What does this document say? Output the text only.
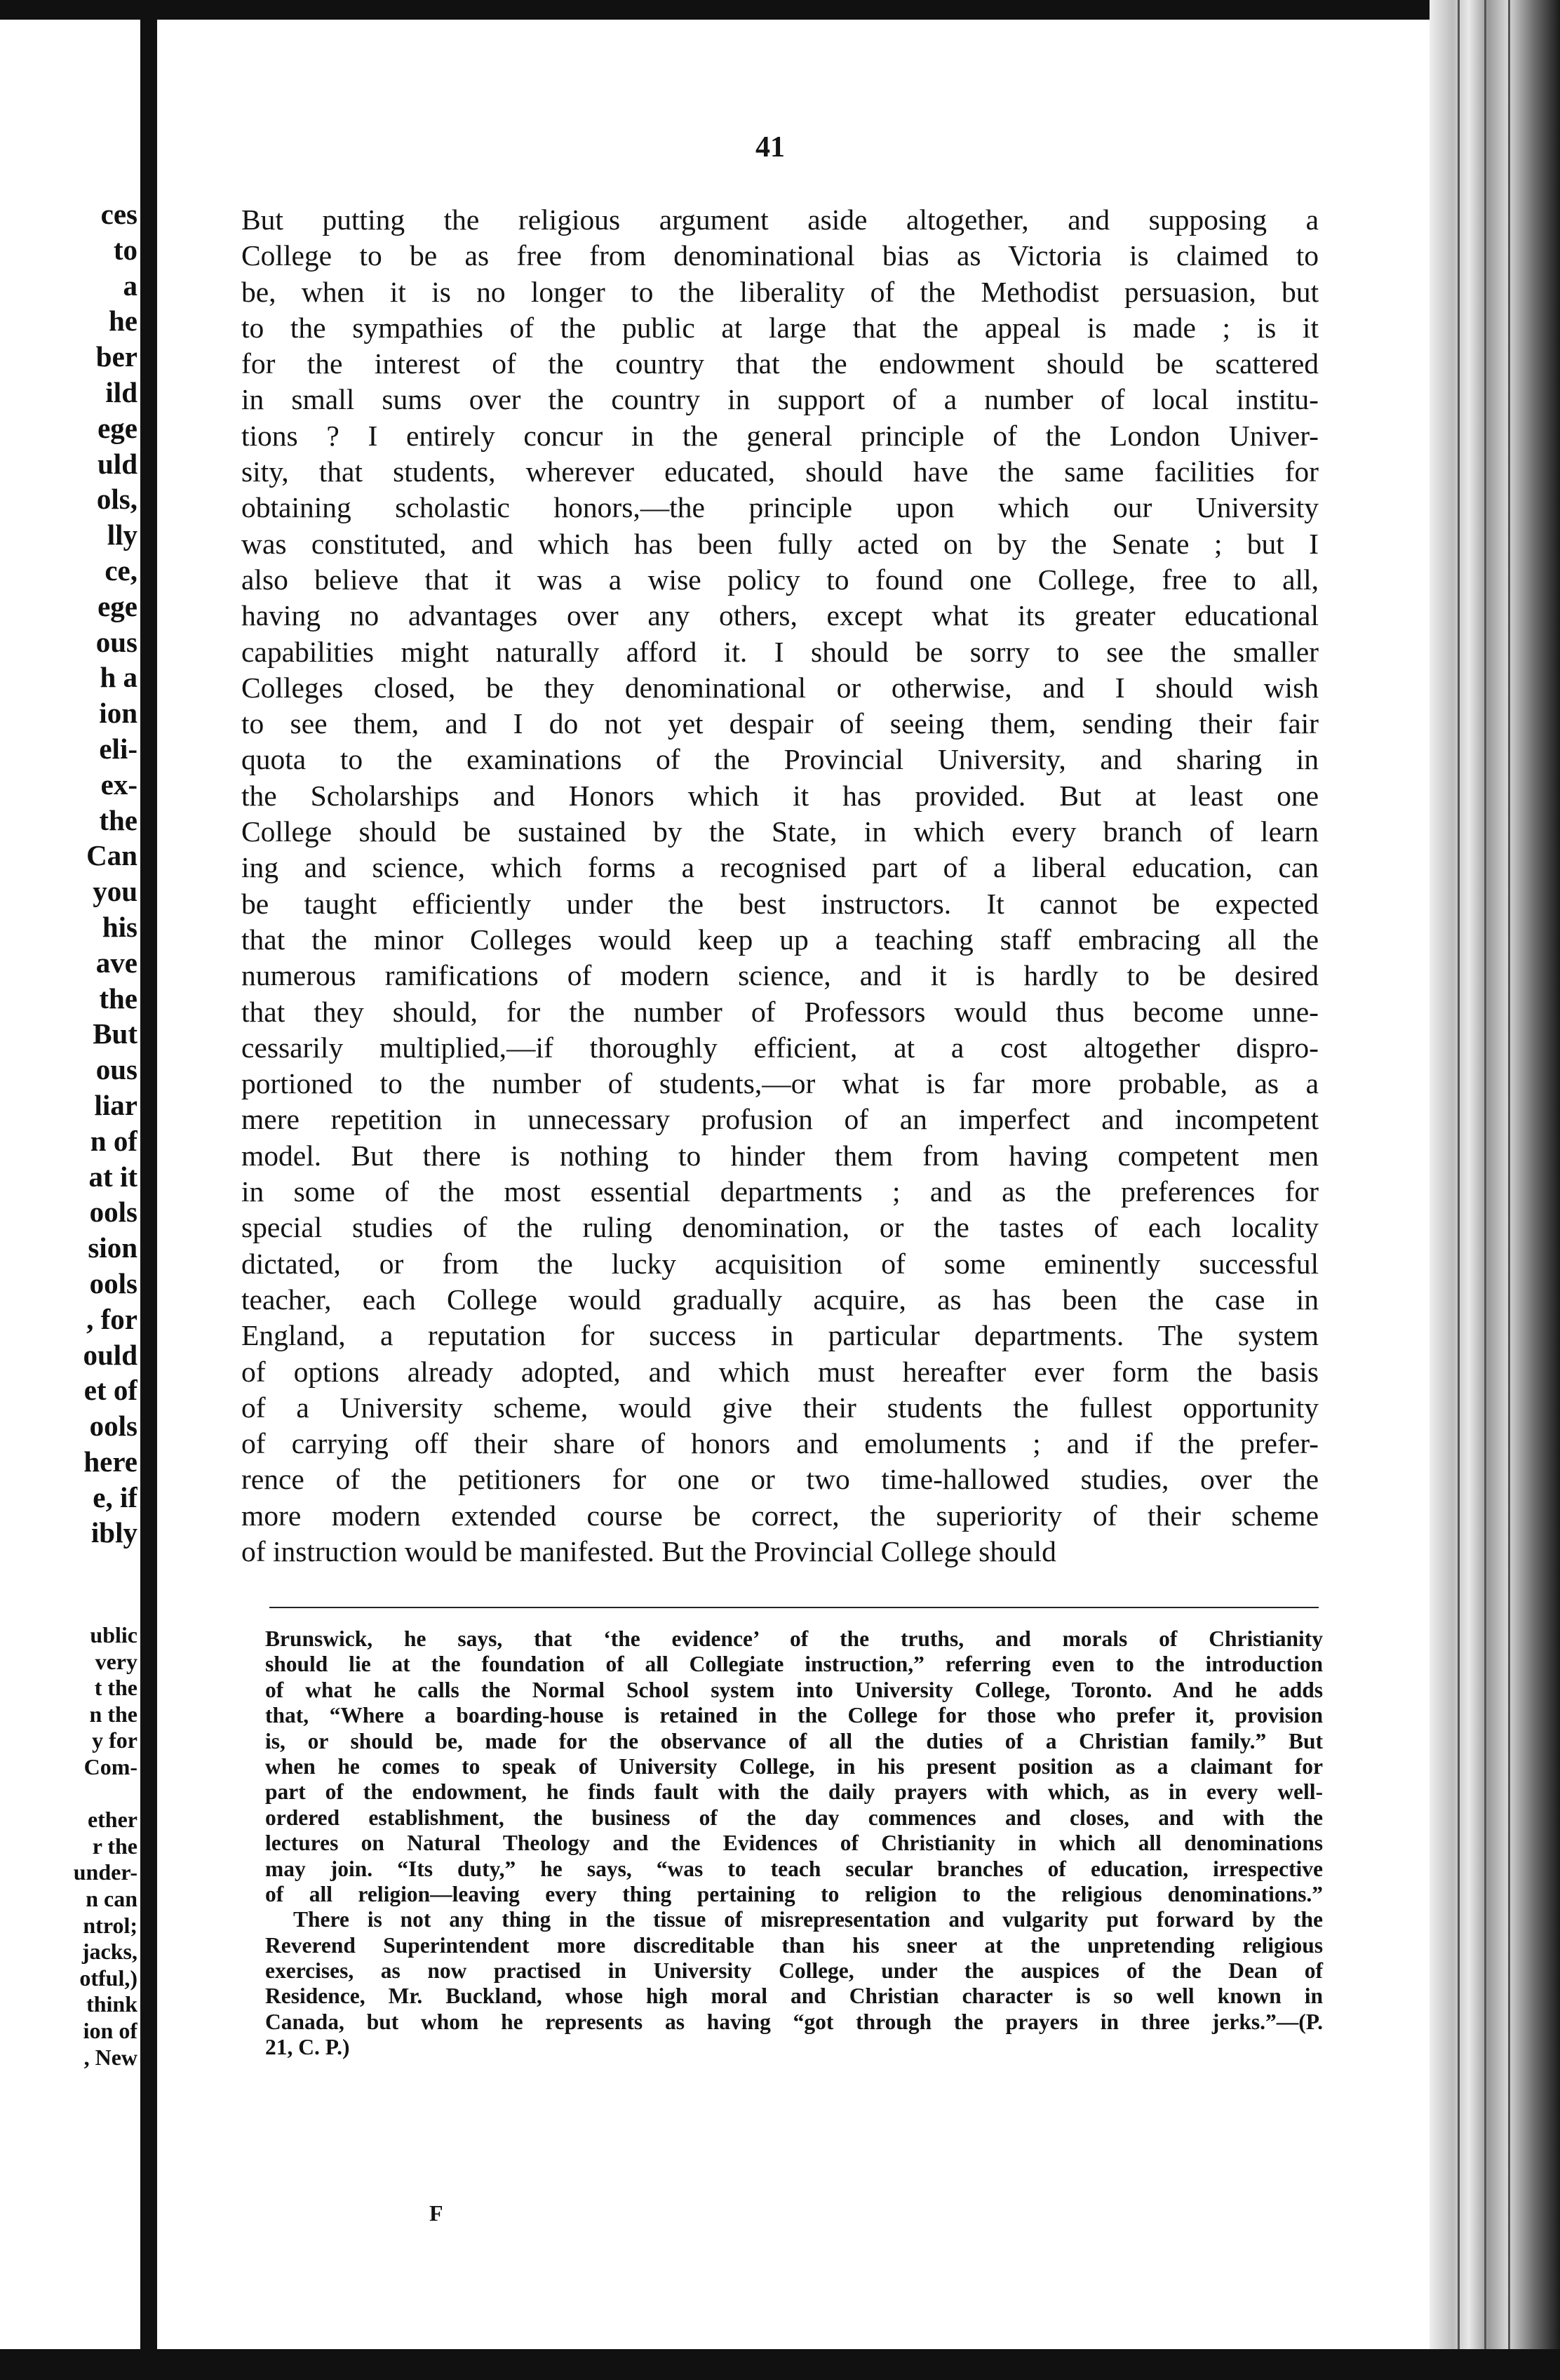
ces
to
a
he
ber
ild
ege
uld
ols,
lly
ce,
ege
ous
h a
ion
eli-
ex-
the
Can
you
his
ave
the
But
ous
liar
n of
at it
ools
sion
ools
, for
ould
et of
ools
here
e, if
ibly
ublic
very
t the
n the
y for
Com-
ether
r the
under-
n can
ntrol;
jacks,
otful,)
think
ion of
, New
41
But putting the religious argument aside altogether, and supposing a
College to be as free from denominational bias as Victoria is claimed to
be, when it is no longer to the liberality of the Methodist persuasion, but
to the sympathies of the public at large that the appeal is made ; is it
for the interest of the country that the endowment should be scattered
in small sums over the country in support of a number of local institu-
tions ? I entirely concur in the general principle of the London Univer-
sity, that students, wherever educated, should have the same facilities for
obtaining scholastic honors,—the principle upon which our University
was constituted, and which has been fully acted on by the Senate ; but I
also believe that it was a wise policy to found one College, free to all,
having no advantages over any others, except what its greater educational
capabilities might naturally afford it. I should be sorry to see the smaller
Colleges closed, be they denominational or otherwise, and I should wish
to see them, and I do not yet despair of seeing them, sending their fair
quota to the examinations of the Provincial University, and sharing in
the Scholarships and Honors which it has provided. But at least one
College should be sustained by the State, in which every branch of learn
ing and science, which forms a recognised part of a liberal education, can
be taught efficiently under the best instructors. It cannot be expected
that the minor Colleges would keep up a teaching staff embracing all the
numerous ramifications of modern science, and it is hardly to be desired
that they should, for the number of Professors would thus become unne-
cessarily multiplied,—if thoroughly efficient, at a cost altogether dispro-
portioned to the number of students,—or what is far more probable, as a
mere repetition in unnecessary profusion of an imperfect and incompetent
model. But there is nothing to hinder them from having competent men
in some of the most essential departments ; and as the preferences for
special studies of the ruling denomination, or the tastes of each locality
dictated, or from the lucky acquisition of some eminently successful
teacher, each College would gradually acquire, as has been the case in
England, a reputation for success in particular departments. The system
of options already adopted, and which must hereafter ever form the basis
of a University scheme, would give their students the fullest opportunity
of carrying off their share of honors and emoluments ; and if the prefer-
rence of the petitioners for one or two time-hallowed studies, over the
more modern extended course be correct, the superiority of their scheme
of instruction would be manifested. But the Provincial College should
Brunswick, he says, that ‘the evidence’ of the truths, and morals of Christianity
should lie at the foundation of all Collegiate instruction,” referring even to the introduction
of what he calls the Normal School system into University College, Toronto. And he adds
that, “Where a boarding-house is retained in the College for those who prefer it, provision
is, or should be, made for the observance of all the duties of a Christian family.” But
when he comes to speak of University College, in his present position as a claimant for
part of the endowment, he finds fault with the daily prayers with which, as in every well-
ordered establishment, the business of the day commences and closes, and with the
lectures on Natural Theology and the Evidences of Christianity in which all denominations
may join. “Its duty,” he says, “was to teach secular branches of education, irrespective
of all religion—leaving every thing pertaining to religion to the religious denominations.”
There is not any thing in the tissue of misrepresentation and vulgarity put forward by the
Reverend Superintendent more discreditable than his sneer at the unpretending religious
exercises, as now practised in University College, under the auspices of the Dean of
Residence, Mr. Buckland, whose high moral and Christian character is so well known in
Canada, but whom he represents as having “got through the prayers in three jerks.”—(P.
21, C. P.)
F
